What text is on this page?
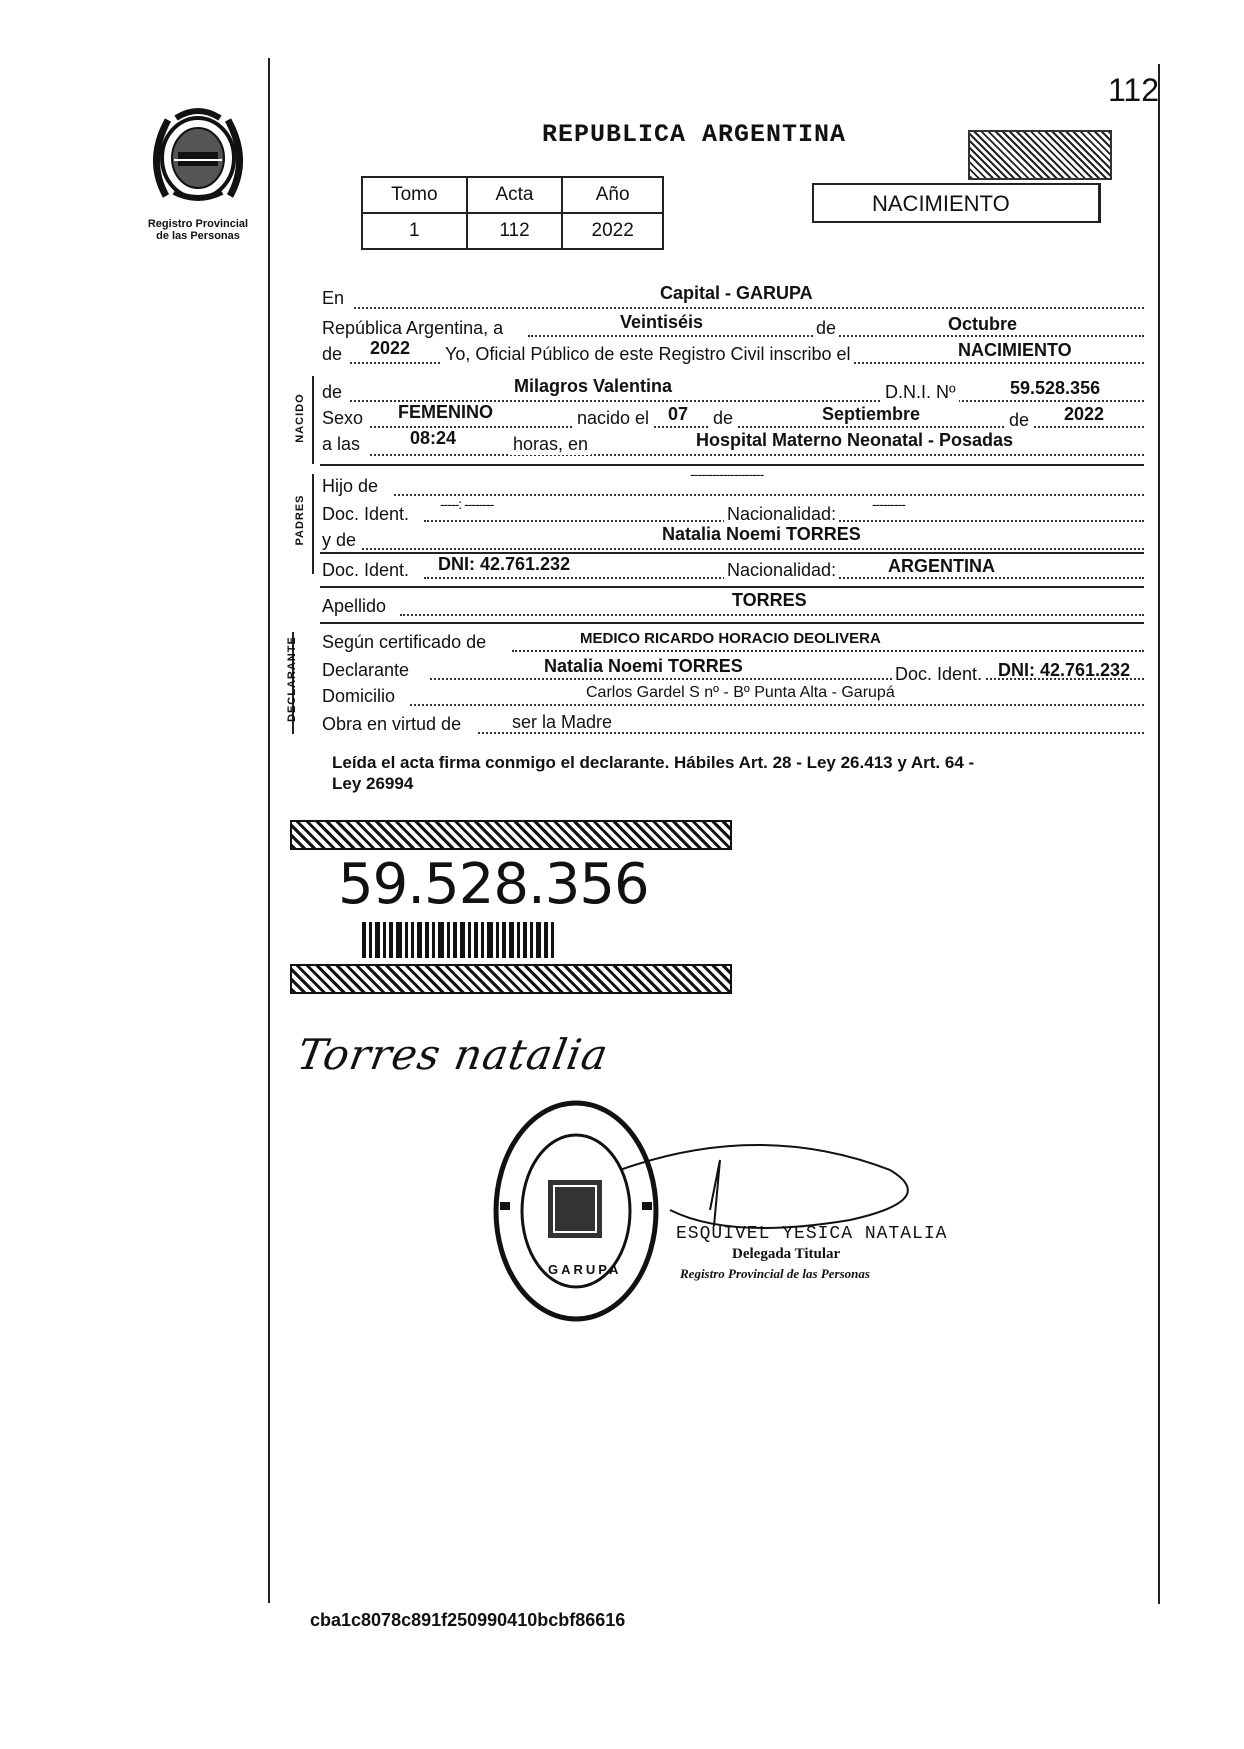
112
Registro Provincial
de las Personas
REPUBLICA ARGENTINA
NACIMIENTO
Tomo	Acta	Año
1	112	2022
En	Capital - GARUPA
República Argentina, a	Veintiséis	de	Octubre
de 2022 Yo, Oficial Público de este Registro Civil inscribo el	NACIMIENTO
NACIDO
de	Milagros Valentina	D.N.I. Nº	59.528.356
Sexo FEMENINO	nacido el 07 de	Septiembre	de 2022
a las	08:24	horas, en	Hospital Materno Neonatal - Posadas
PADRES
Hijo de
--------------------
Doc. Ident. -----: --------	Nacionalidad:	---------
y de	Natalia Noemi TORRES
Doc. Ident. DNI: 42.761.232	Nacionalidad:	ARGENTINA
Apellido	TORRES
DECLARANTE Según certificado de	MEDICO RICARDO HORACIO DEOLIVERA
Declarante	Natalia Noemi TORRES	Doc. Ident. DNI: 42.761.232
Domicilio	Carlos Gardel S nº - Bº Punta Alta - Garupá
Obra en virtud de	ser la Madre
Leída el acta firma conmigo el declarante. Hábiles Art. 28 - Ley 26.413 y Art. 64 -
Ley 26994
59.528.356
Torres natalia
GARUPA
ESQUIVEL YESICA NATALIA
Delegada Titular
Registro Provincial de las Personas
cba1c8078c891f250990410bcbf86616
